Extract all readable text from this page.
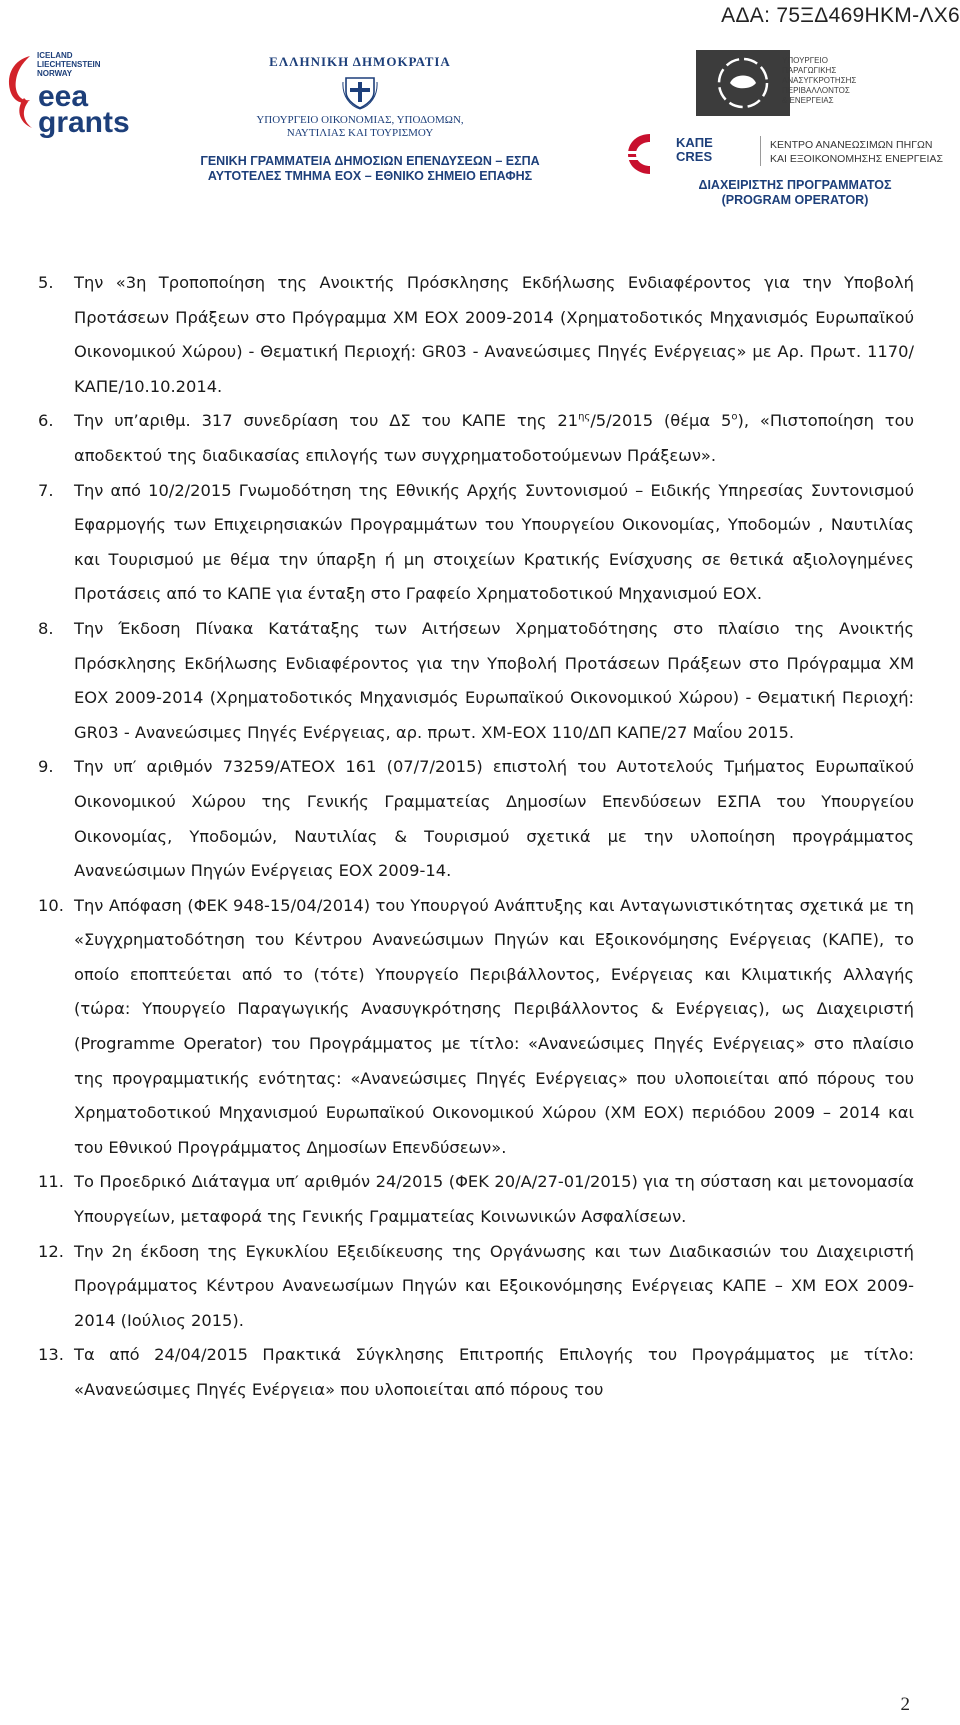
ΑΔΑ: 75ΞΔ469ΗΚΜ-ΛΧ6
ICELAND
LIECHTENSTEIN
NORWAY
eea
grants
ΕΛΛΗΝΙΚΗ ΔΗΜΟΚΡΑΤΙΑ
ΥΠΟΥΡΓΕΙΟ ΟΙΚΟΝΟΜΙΑΣ, ΥΠΟΔΟΜΩΝ,
ΝΑΥΤΙΛΙΑΣ ΚΑΙ ΤΟΥΡΙΣΜΟΥ
ΓΕΝΙΚΗ ΓΡΑΜΜΑΤΕΙΑ ΔΗΜΟΣΙΩΝ ΕΠΕΝΔΥΣΕΩΝ – ΕΣΠΑ
ΑΥΤΟΤΕΛΕΣ ΤΜΗΜΑ ΕΟΧ – ΕΘΝΙΚΟ ΣΗΜΕΙΟ ΕΠΑΦΗΣ
ΥΠΟΥΡΓΕΙΟ
ΠΑΡΑΓΩΓΙΚΗΣ
ΑΝΑΣΥΓΚΡΟΤΗΣΗΣ
ΠΕΡΙΒΑΛΛΟΝΤΟΣ
& ΕΝΕΡΓΕΙΑΣ
ΚΑΠΕ
CRES
ΚΕΝΤΡΟ ΑΝΑΝΕΩΣΙΜΩΝ ΠΗΓΩΝ
ΚΑΙ ΕΞΟΙΚΟΝΟΜΗΣΗΣ ΕΝΕΡΓΕΙΑΣ
ΔΙΑΧΕΙΡΙΣΤΗΣ ΠΡΟΓΡΑΜΜΑΤΟΣ
(PROGRAM OPERATOR)
5. Την «3η Τροποποίηση της Ανοικτής Πρόσκλησης Εκδήλωσης Ενδιαφέροντος για την Υποβολή Προτάσεων Πράξεων στο Πρόγραμμα ΧΜ ΕΟΧ 2009-2014 (Χρηματοδοτικός Μηχανισμός Ευρωπαϊκού Οικονομικού Χώρου) - Θεματική Περιοχή: GR03 - Ανανεώσιμες Πηγές Ενέργειας» με Αρ. Πρωτ. 1170/ΚΑΠΕ/10.10.2014.
6. Την υπ’αριθμ. 317 συνεδρίαση του ΔΣ του ΚΑΠΕ της $21^{\eta\varsigma}/5/2015$ (θέμα $5^o$), «Πιστοποίηση του αποδεκτού της διαδικασίας επιλογής των συγχρηματοδοτούμενων Πράξεων».
7. Την από 10/2/2015 Γνωμοδότηση της Εθνικής Αρχής Συντονισμού – Ειδικής Υπηρεσίας Συντονισμού Εφαρμογής των Επιχειρησιακών Προγραμμάτων του Υπουργείου Οικονομίας, Υποδομών , Ναυτιλίας και Τουρισμού με θέμα την ύπαρξη ή μη στοιχείων Κρατικής Ενίσχυσης σε θετικά αξιολογημένες Προτάσεις από το ΚΑΠΕ για ένταξη στο Γραφείο Χρηματοδοτικού Μηχανισμού ΕΟΧ.
8. Την Έκδοση Πίνακα Κατάταξης των Αιτήσεων Χρηματοδότησης στο πλαίσιο της Ανοικτής Πρόσκλησης Εκδήλωσης Ενδιαφέροντος για την Υποβολή Προτάσεων Πράξεων στο Πρόγραμμα ΧΜ ΕΟΧ 2009-2014 (Χρηματοδοτικός Μηχανισμός Ευρωπαϊκού Οικονομικού Χώρου) - Θεματική Περιοχή: GR03 - Ανανεώσιμες Πηγές Ενέργειας, αρ. πρωτ. ΧΜ-ΕΟΧ 110/ΔΠ ΚΑΠΕ/27 Μαΐου 2015.
9. Την υπ′ αριθμόν 73259/ΑΤΕΟΧ 161 (07/7/2015) επιστολή του Αυτοτελούς Τμήματος Ευρωπαϊκού Οικονομικού Χώρου της Γενικής Γραμματείας Δημοσίων Επενδύσεων ΕΣΠΑ του Υπουργείου Οικονομίας, Υποδομών, Ναυτιλίας & Τουρισμού σχετικά με την υλοποίηση προγράμματος Ανανεώσιμων Πηγών Ενέργειας ΕΟΧ 2009-14.
10. Την Απόφαση (ΦΕΚ 948-15/04/2014) του Υπουργού Ανάπτυξης και Ανταγωνιστικότητας σχετικά με τη «Συγχρηματοδότηση του Κέντρου Ανανεώσιμων Πηγών και Εξοικονόμησης Ενέργειας (ΚΑΠΕ), το οποίο εποπτεύεται από το (τότε) Υπουργείο Περιβάλλοντος, Ενέργειας και Κλιματικής Αλλαγής (τώρα: Υπουργείο Παραγωγικής Ανασυγκρότησης Περιβάλλοντος & Ενέργειας), ως Διαχειριστή (Programme Operator) του Προγράμματος με τίτλο: «Ανανεώσιμες Πηγές Ενέργειας» στο πλαίσιο της προγραμματικής ενότητας: «Ανανεώσιμες Πηγές Ενέργειας» που υλοποιείται από πόρους του Χρηματοδοτικού Μηχανισμού Ευρωπαϊκού Οικονομικού Χώρου (ΧΜ ΕΟΧ) περιόδου 2009 – 2014 και του Εθνικού Προγράμματος Δημοσίων Επενδύσεων».
11. Το Προεδρικό Διάταγμα υπ′ αριθμόν 24/2015 (ΦΕΚ 20/Α/27-01/2015) για τη σύσταση και μετονομασία Υπουργείων, μεταφορά της Γενικής Γραμματείας Κοινωνικών Ασφαλίσεων.
12. Την 2η έκδοση της Εγκυκλίου Εξειδίκευσης της Οργάνωσης και των Διαδικασιών του Διαχειριστή Προγράμματος Κέντρου Ανανεωσίμων Πηγών και Εξοικονόμησης Ενέργειας ΚΑΠΕ – ΧΜ ΕΟΧ 2009-2014 (Ιούλιος 2015).
13. Τα από 24/04/2015 Πρακτικά Σύγκλησης Επιτροπής Επιλογής του Προγράμματος με τίτλο: «Ανανεώσιμες Πηγές Ενέργεια» που υλοποιείται από πόρους του
2
